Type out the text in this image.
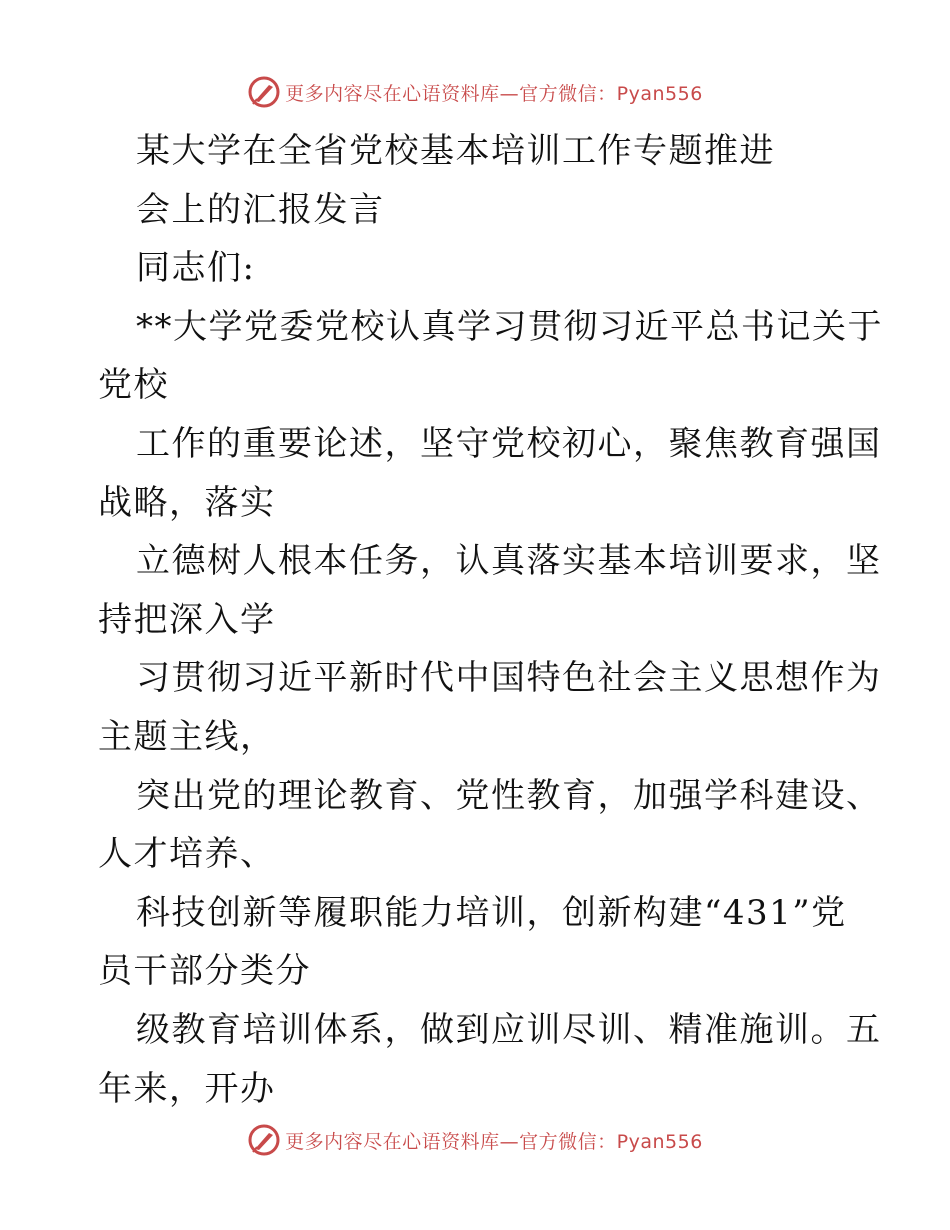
更多内容尽在心语资料库—官方微信：Pyan556
某大学在全省党校基本培训工作专题推进
会上的汇报发言
同志们:
**大学党委党校认真学习贯彻习近平总书记关于
党校
工作的重要论述，坚守党校初心，聚焦教育强国
战略，落实
立德树人根本任务，认真落实基本培训要求，坚
持把深入学
习贯彻习近平新时代中国特色社会主义思想作为
主题主线，
突出党的理论教育、党性教育，加强学科建设、
人才培养、
科技创新等履职能力培训，创新构建“431”党
员干部分类分
级教育培训体系，做到应训尽训、精准施训。五
年来，开办
更多内容尽在心语资料库—官方微信：Pyan556
